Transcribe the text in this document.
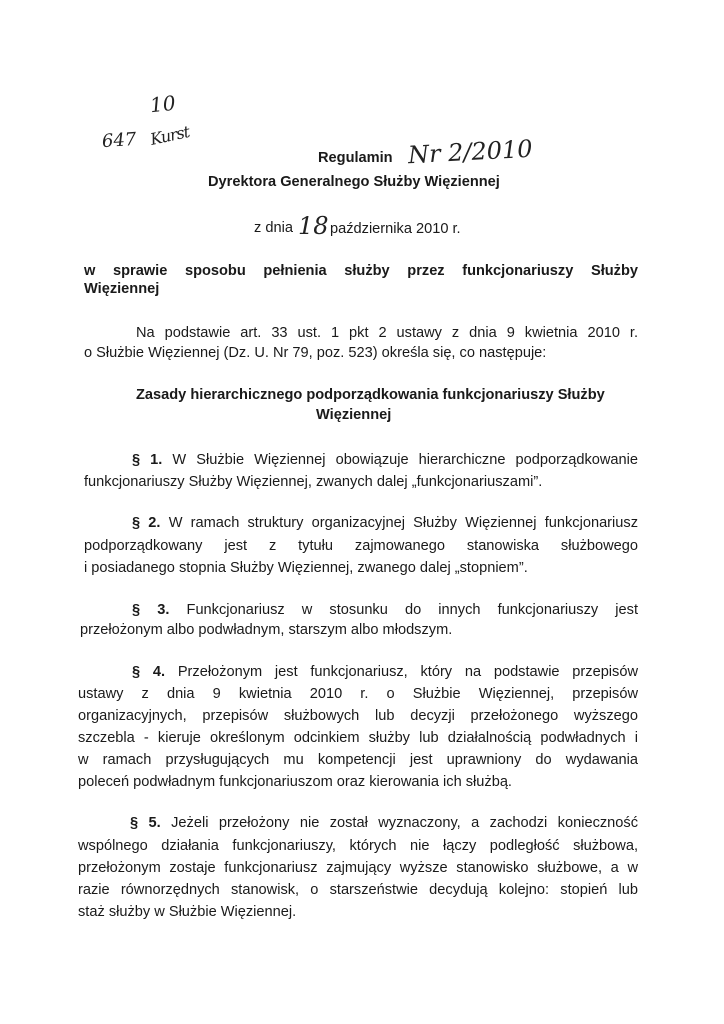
10
647 Kurst
Regulamin Nr 2/2010
Dyrektora Generalnego Służby Więziennej
z dnia 18 października 2010 r.
w sprawie sposobu pełnienia służby przez funkcjonariuszy Służby
Więziennej
Na podstawie art. 33 ust. 1 pkt 2 ustawy z dnia 9 kwietnia 2010 r.
o Służbie Więziennej (Dz. U. Nr 79, poz. 523) określa się, co następuje:
Zasady hierarchicznego podporządkowania funkcjonariuszy Służby
Więziennej
§ 1. W Służbie Więziennej obowiązuje hierarchiczne podporządkowanie
funkcjonariuszy Służby Więziennej, zwanych dalej „funkcjonariuszami”.
§ 2. W ramach struktury organizacyjnej Służby Więziennej funkcjonariusz
podporządkowany jest z tytułu zajmowanego stanowiska służbowego
i posiadanego stopnia Służby Więziennej, zwanego dalej „stopniem”.
§ 3. Funkcjonariusz w stosunku do innych funkcjonariuszy jest
przełożonym albo podwładnym, starszym albo młodszym.
§ 4. Przełożonym jest funkcjonariusz, który na podstawie przepisów
ustawy z dnia 9 kwietnia 2010 r. o Służbie Więziennej, przepisów
organizacyjnych, przepisów służbowych lub decyzji przełożonego wyższego
szczebla - kieruje określonym odcinkiem służby lub działalnością podwładnych i
w ramach przysługujących mu kompetencji jest uprawniony do wydawania
poleceń podwładnym funkcjonariuszom oraz kierowania ich służbą.
§ 5. Jeżeli przełożony nie został wyznaczony, a zachodzi konieczność
wspólnego działania funkcjonariuszy, których nie łączy podległość służbowa,
przełożonym zostaje funkcjonariusz zajmujący wyższe stanowisko służbowe, a w
razie równorzędnych stanowisk, o starszeństwie decydują kolejno: stopień lub
staż służby w Służbie Więziennej.
